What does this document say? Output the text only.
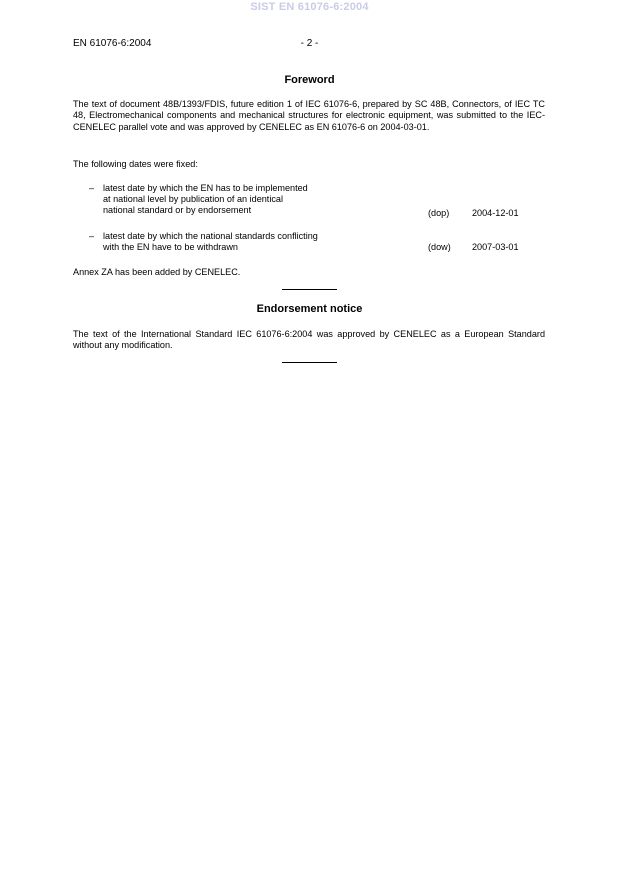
SIST EN 61076-6:2004
EN 61076-6:2004	- 2 -
Foreword
The text of document 48B/1393/FDIS, future edition 1 of IEC 61076-6, prepared by SC 48B, Connectors, of IEC TC 48, Electromechanical components and mechanical structures for electronic equipment, was submitted to the IEC-CENELEC parallel vote and was approved by CENELEC as EN 61076-6 on 2004-03-01.
The following dates were fixed:
– latest date by which the EN has to be implemented
at national level by publication of an identical
national standard or by endorsement	(dop)	2004-12-01
– latest date by which the national standards conflicting
with the EN have to be withdrawn	(dow)	2007-03-01
Annex ZA has been added by CENELEC.
Endorsement notice
The text of the International Standard IEC 61076-6:2004 was approved by CENELEC as a European Standard without any modification.
